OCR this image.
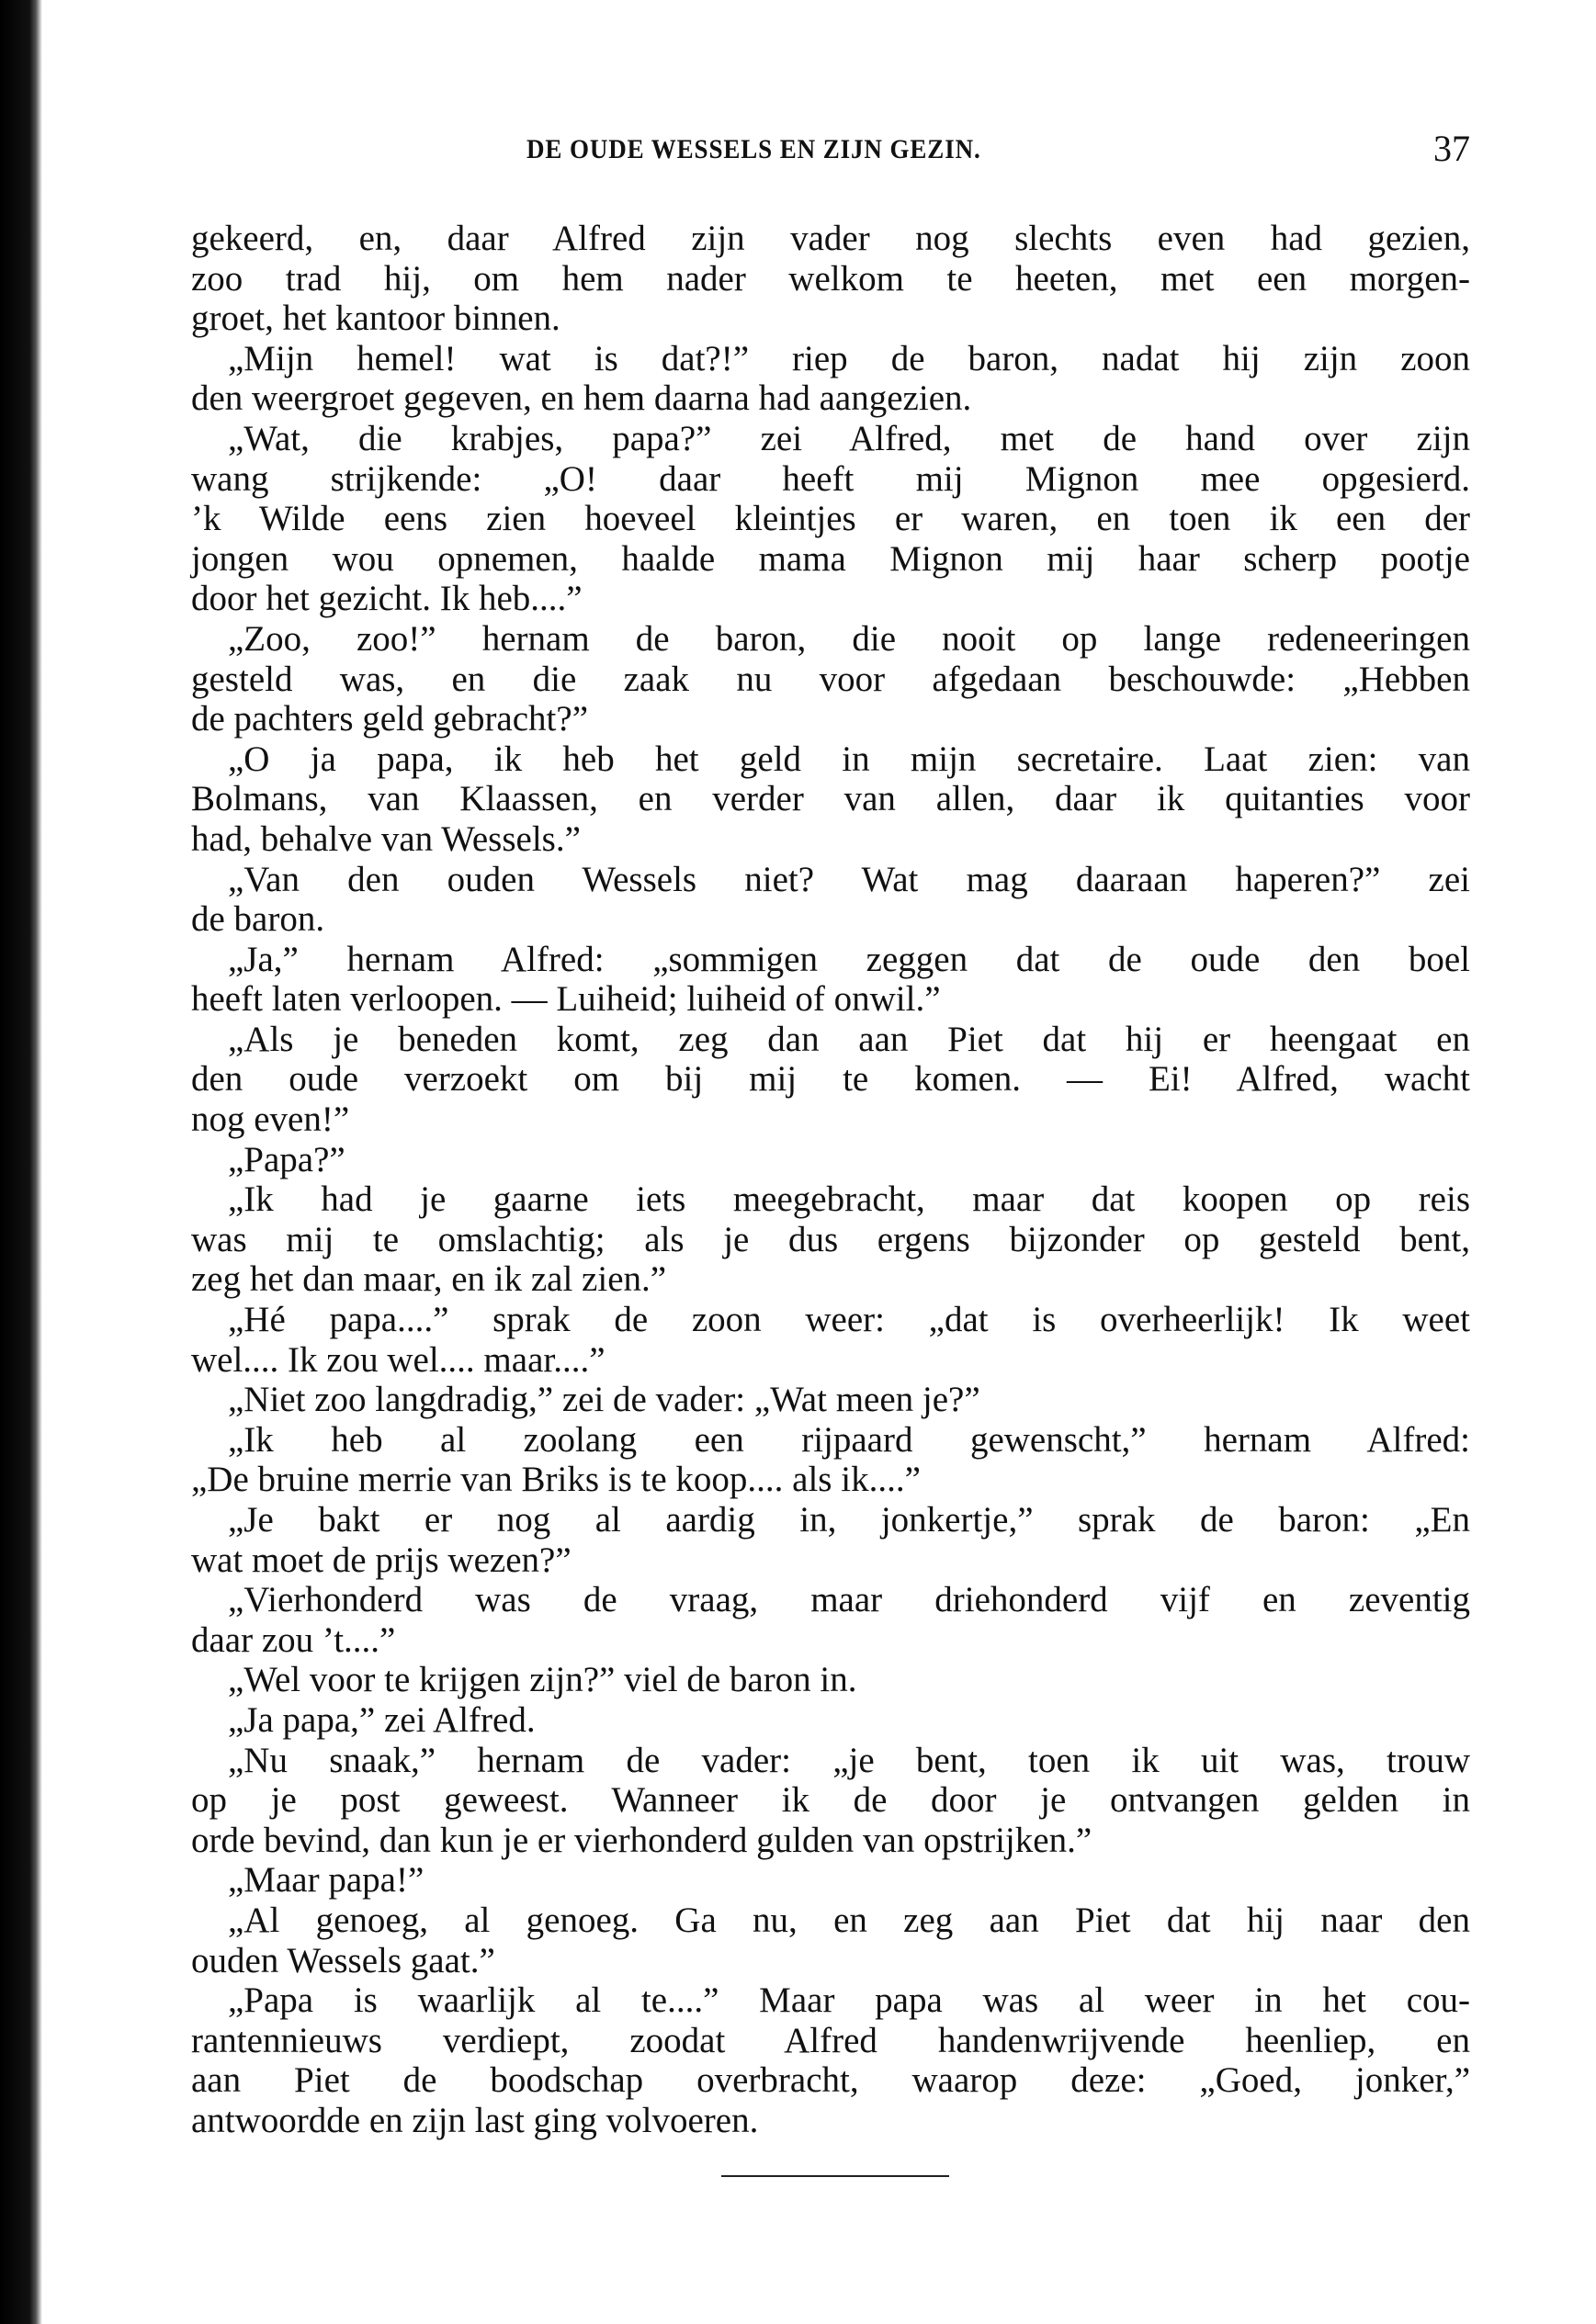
DE OUDE WESSELS EN ZIJN GEZIN.	37
gekeerd, en, daar Alfred zijn vader nog slechts even had gezien,
zoo trad hij, om hem nader welkom te heeten, met een morgen-
groet, het kantoor binnen.
„Mijn hemel! wat is dat?!” riep de baron, nadat hij zijn zoon
den weergroet gegeven, en hem daarna had aangezien.
„Wat, die krabjes, papa?” zei Alfred, met de hand over zijn
wang strijkende: „O! daar heeft mij Mignon mee opgesierd.
’k Wilde eens zien hoeveel kleintjes er waren, en toen ik een der
jongen wou opnemen, haalde mama Mignon mij haar scherp pootje
door het gezicht. Ik heb....”
„Zoo, zoo!” hernam de baron, die nooit op lange redeneeringen
gesteld was, en die zaak nu voor afgedaan beschouwde: „Hebben
de pachters geld gebracht?”
„O ja papa, ik heb het geld in mijn secretaire. Laat zien: van
Bolmans, van Klaassen, en verder van allen, daar ik quitanties voor
had, behalve van Wessels.”
„Van den ouden Wessels niet? Wat mag daaraan haperen?” zei
de baron.
„Ja,” hernam Alfred: „sommigen zeggen dat de oude den boel
heeft laten verloopen. — Luiheid; luiheid of onwil.”
„Als je beneden komt, zeg dan aan Piet dat hij er heengaat en
den oude verzoekt om bij mij te komen. — Ei! Alfred, wacht
nog even!”
„Papa?”
„Ik had je gaarne iets meegebracht, maar dat koopen op reis
was mij te omslachtig; als je dus ergens bijzonder op gesteld bent,
zeg het dan maar, en ik zal zien.”
„Hé papa....” sprak de zoon weer: „dat is overheerlijk! Ik weet
wel.... Ik zou wel.... maar....”
„Niet zoo langdradig,” zei de vader: „Wat meen je?”
„Ik heb al zoolang een rijpaard gewenscht,” hernam Alfred:
„De bruine merrie van Briks is te koop.... als ik....”
„Je bakt er nog al aardig in, jonkertje,” sprak de baron: „En
wat moet de prijs wezen?”
„Vierhonderd was de vraag, maar driehonderd vijf en zeventig
daar zou ’t....”
„Wel voor te krijgen zijn?” viel de baron in.
„Ja papa,” zei Alfred.
„Nu snaak,” hernam de vader: „je bent, toen ik uit was, trouw
op je post geweest. Wanneer ik de door je ontvangen gelden in
orde bevind, dan kun je er vierhonderd gulden van opstrijken.”
„Maar papa!”
„Al genoeg, al genoeg. Ga nu, en zeg aan Piet dat hij naar den
ouden Wessels gaat.”
„Papa is waarlijk al te....” Maar papa was al weer in het cou-
rantennieuws verdiept, zoodat Alfred handenwrijvende heenliep, en
aan Piet de boodschap overbracht, waarop deze: „Goed, jonker,”
antwoordde en zijn last ging volvoeren.
